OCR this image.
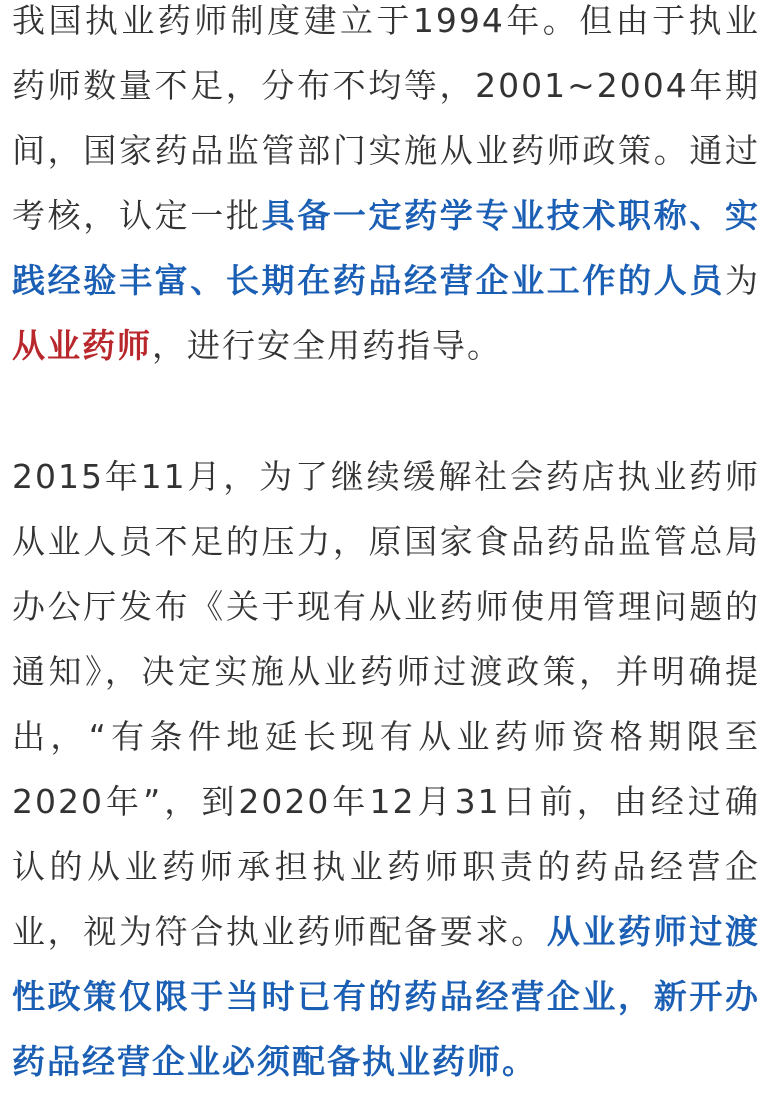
我国执业药师制度建立于1994年。但由于执业药师数量不足，分布不均等，2001~2004年期间，国家药品监管部门实施从业药师政策。通过考核，认定一批具备一定药学专业技术职称、实践经验丰富、长期在药品经营企业工作的人员为从业药师，进行安全用药指导。

2015年11月，为了继续缓解社会药店执业药师从业人员不足的压力，原国家食品药品监管总局办公厅发布《关于现有从业药师使用管理问题的通知》，决定实施从业药师过渡政策，并明确提出，“有条件地延长现有从业药师资格期限至2020年”，到2020年12月31日前，由经过确认的从业药师承担执业药师职责的药品经营企业，视为符合执业药师配备要求。从业药师过渡性政策仅限于当时已有的药品经营企业，新开办药品经营企业必须配备执业药师。
